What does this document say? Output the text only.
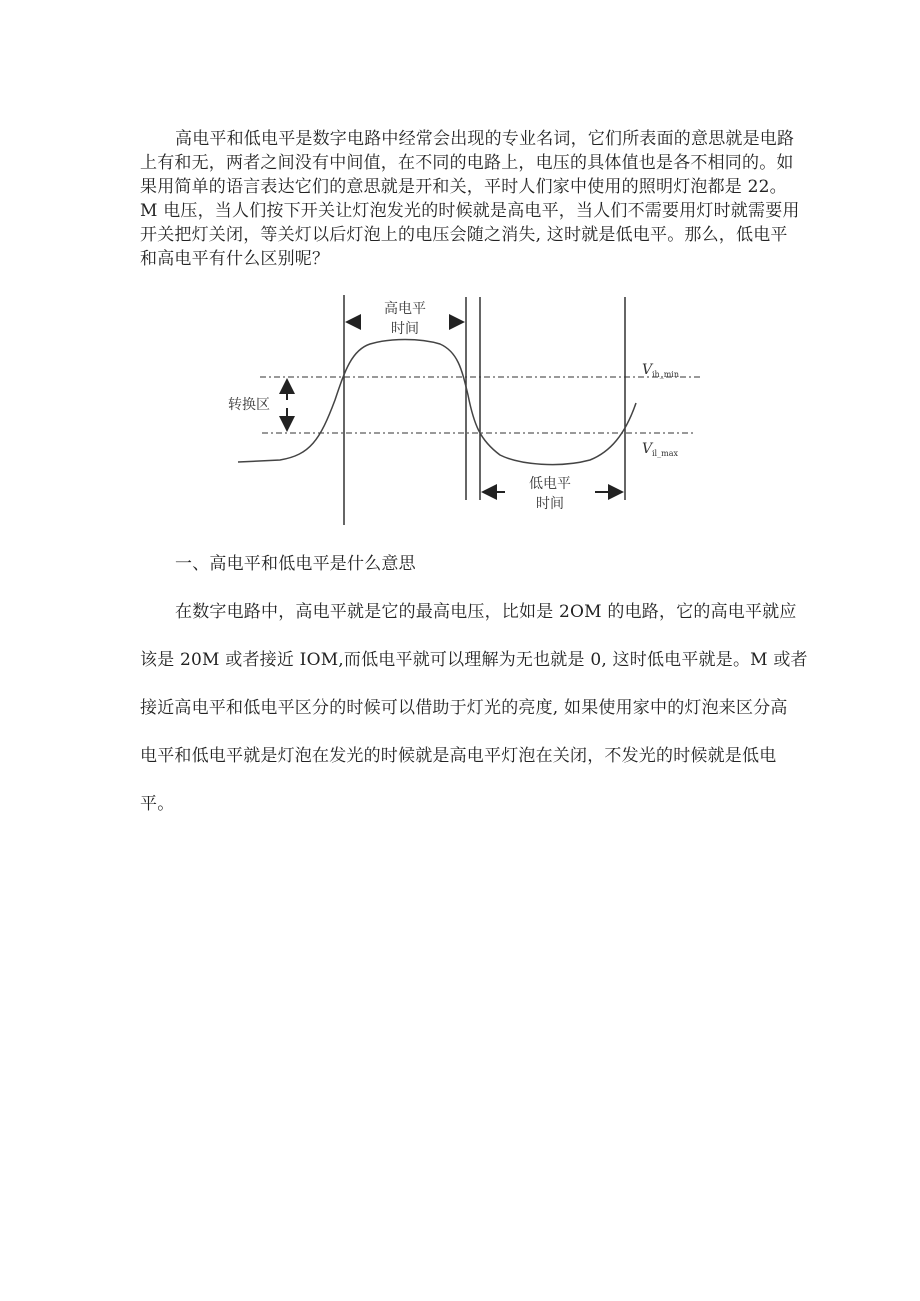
高电平和低电平是数字电路中经常会出现的专业名词，它们所表面的意思就是电路
上有和无，两者之间没有中间值，在不同的电路上，电压的具体值也是各不相同的。如
果用简单的语言表达它们的意思就是开和关，平时人们家中使用的照明灯泡都是 22。
M 电压，当人们按下开关让灯泡发光的时候就是高电平，当人们不需要用灯时就需要用
开关把灯关闭，等关灯以后灯泡上的电压会随之消失, 这时就是低电平。那么，低电平
和高电平有什么区别呢？
高电平
时间
低电平
时间
转换区
V ih_min
V il_max
一、高电平和低电平是什么意思
在数字电路中，高电平就是它的最高电压，比如是 2OM 的电路，它的高电平就应
该是 20M 或者接近 IOM,而低电平就可以理解为无也就是 0, 这时低电平就是。M 或者
接近高电平和低电平区分的时候可以借助于灯光的亮度, 如果使用家中的灯泡来区分高
电平和低电平就是灯泡在发光的时候就是高电平灯泡在关闭，不发光的时候就是低电
平。
